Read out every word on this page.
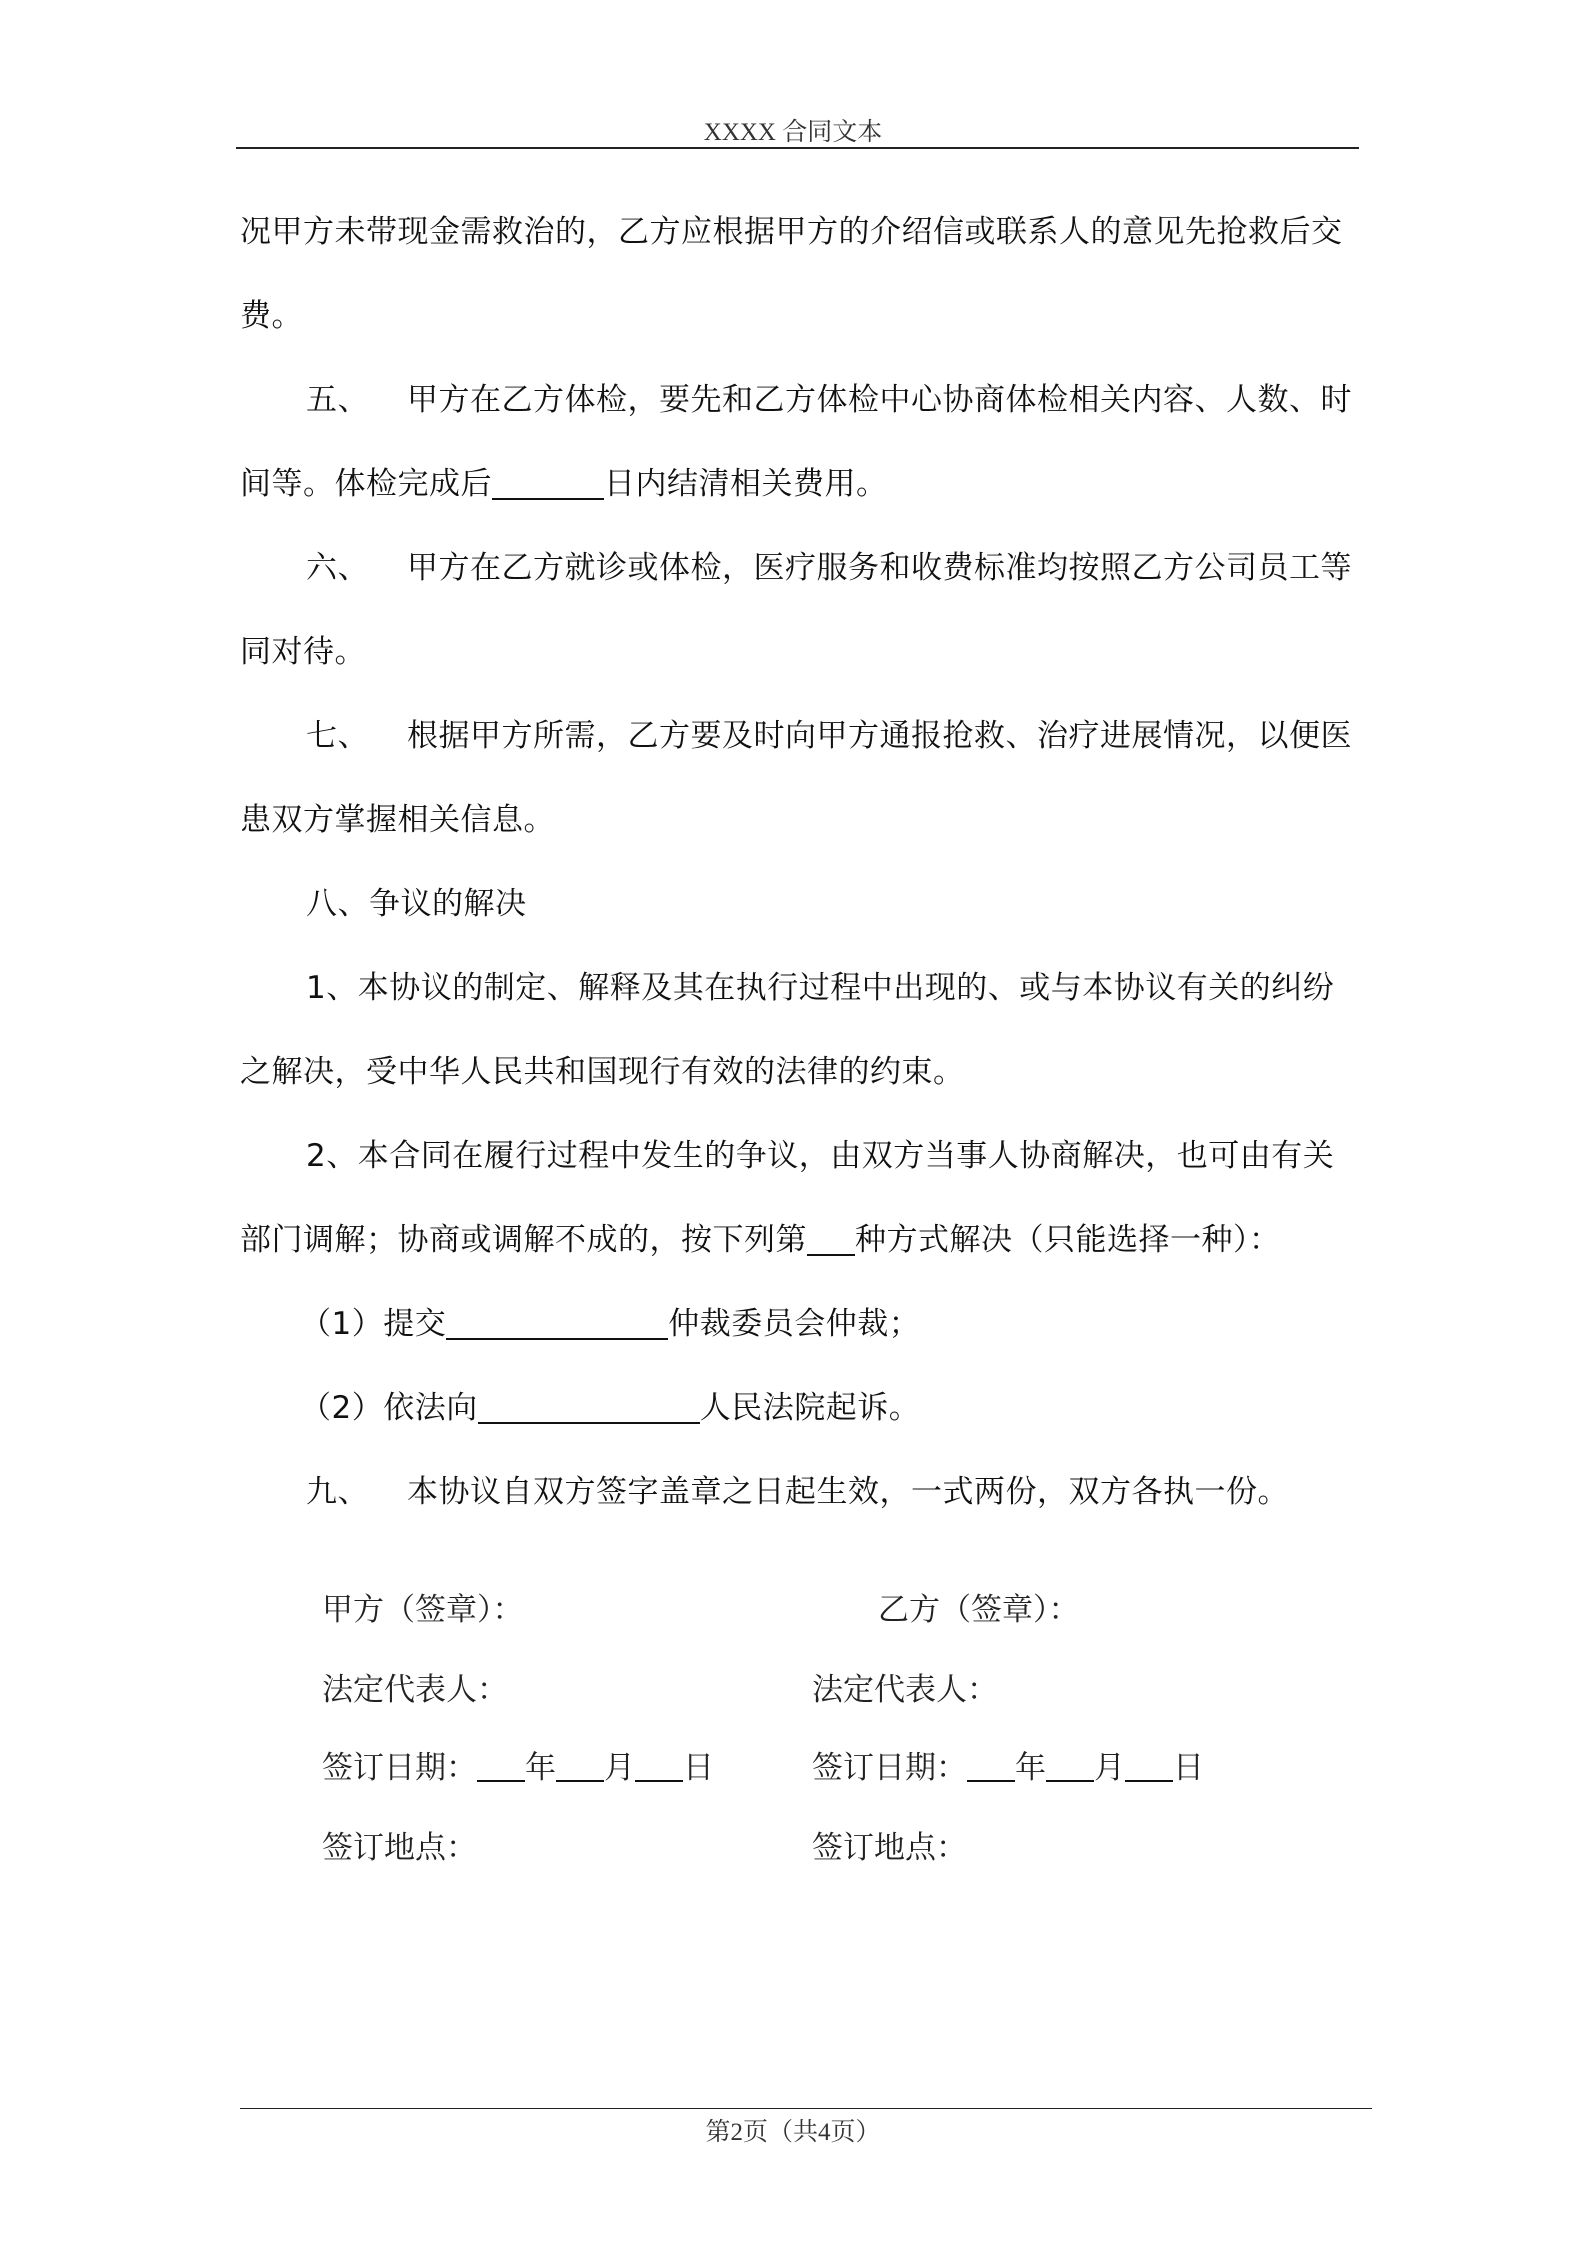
XXXX 合同文本
况甲方未带现金需救治的，乙方应根据甲方的介绍信或联系人的意见先抢救后交
费。
五、 甲方在乙方体检，要先和乙方体检中心协商体检相关内容、人数、时
间等。体检完成后	日内结清相关费用。
六、 甲方在乙方就诊或体检，医疗服务和收费标准均按照乙方公司员工等
同对待。
七、 根据甲方所需，乙方要及时向甲方通报抢救、治疗进展情况，以便医
患双方掌握相关信息。
八、争议的解决
1、本协议的制定、解释及其在执行过程中出现的、或与本协议有关的纠纷
之解决，受中华人民共和国现行有效的法律的约束。
2、本合同在履行过程中发生的争议，由双方当事人协商解决，也可由有关
部门调解；协商或调解不成的，按下列第 种方式解决（只能选择一种）：
（1）提交	仲裁委员会仲裁；
（2）依法向	人民法院起诉。
九、 本协议自双方签字盖章之日起生效，一式两份，双方各执一份。
甲方（签章）：	乙方（签章）：
法定代表人：	法定代表人：
签订日期： 年 月 日	签订日期： 年 月 日
签订地点：	签订地点：
第2页（共4页）
